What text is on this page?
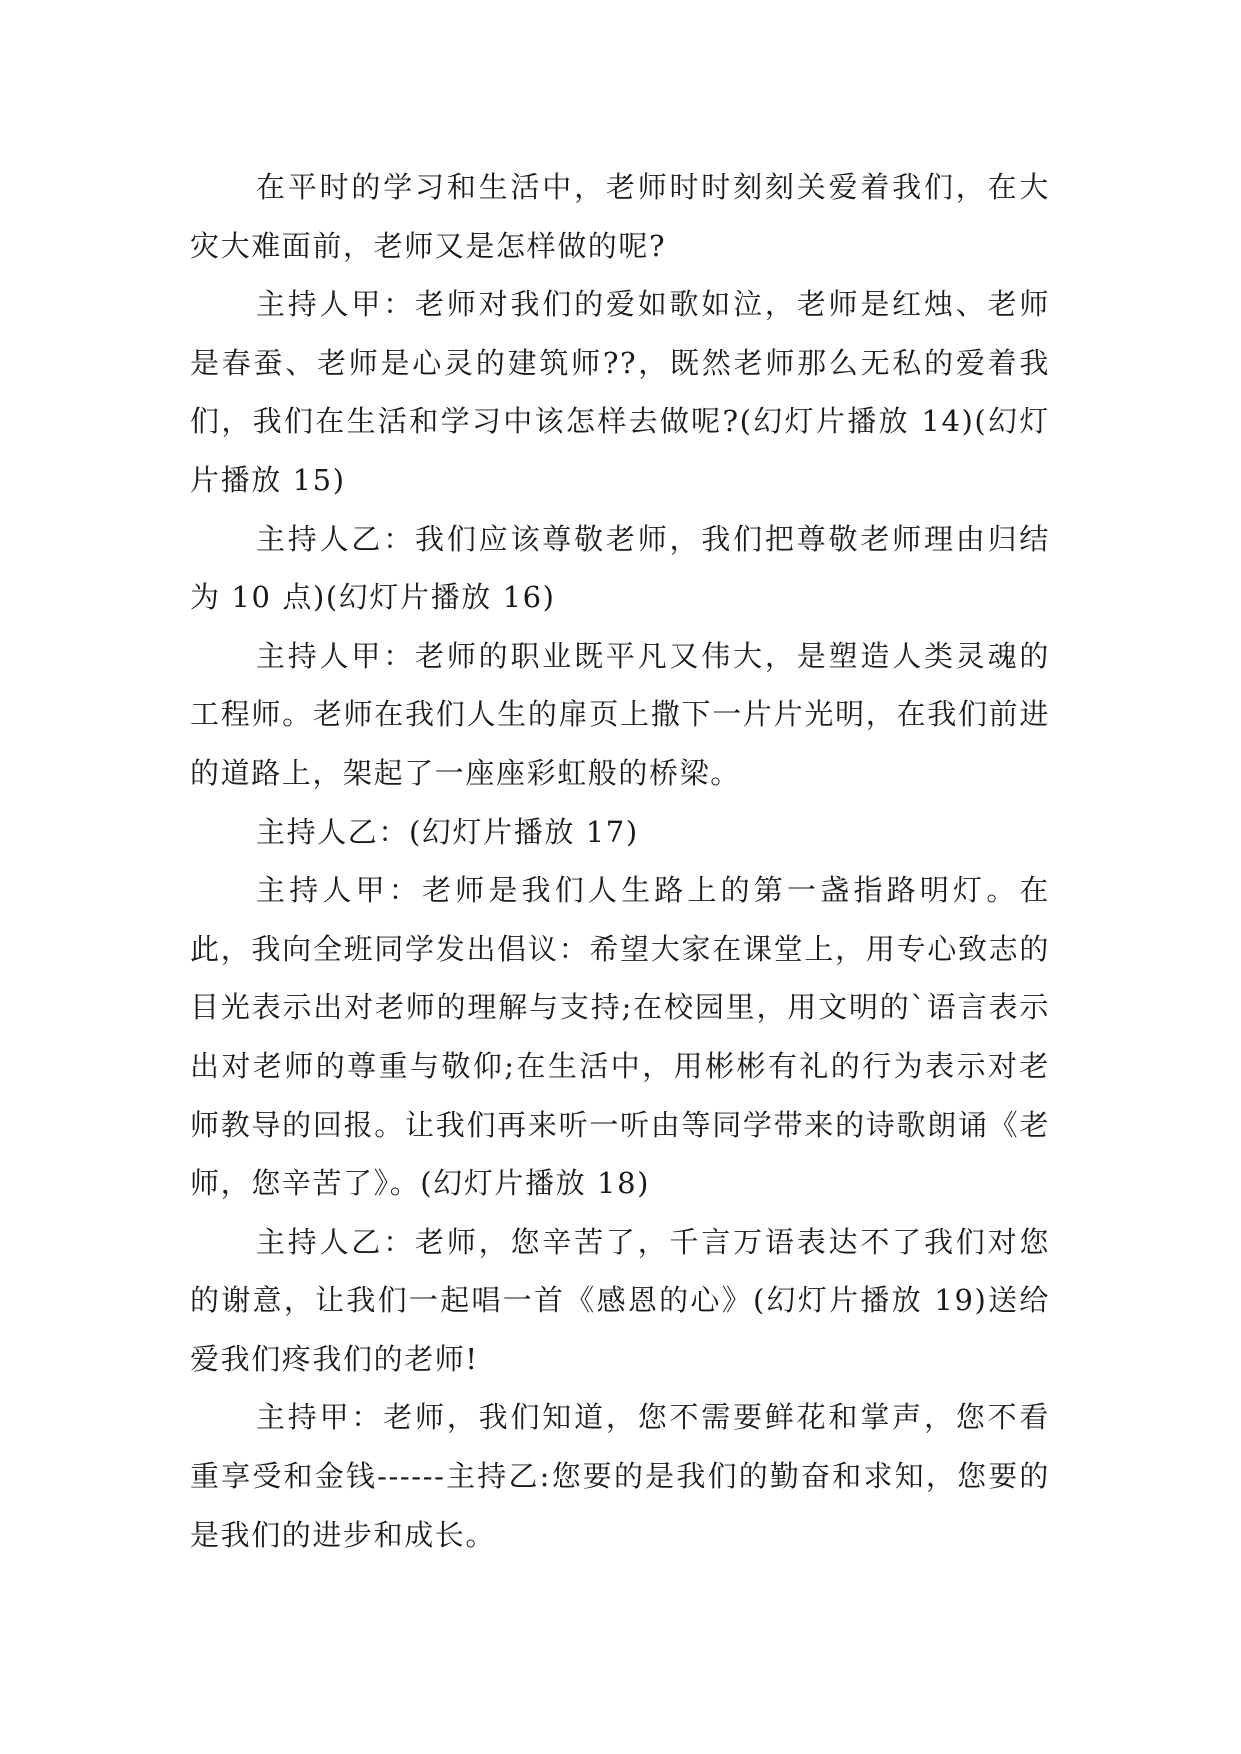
在平时的学习和生活中，老师时时刻刻关爱着我们，在大灾大难面前，老师又是怎样做的呢?

主持人甲：老师对我们的爱如歌如泣，老师是红烛、老师是春蚕、老师是心灵的建筑师??，既然老师那么无私的爱着我们，我们在生活和学习中该怎样去做呢?(幻灯片播放 14)(幻灯片播放 15)

主持人乙：我们应该尊敬老师，我们把尊敬老师理由归结为 10 点)(幻灯片播放 16)

主持人甲：老师的职业既平凡又伟大，是塑造人类灵魂的工程师。老师在我们人生的扉页上撒下一片片光明，在我们前进的道路上，架起了一座座彩虹般的桥梁。

主持人乙：(幻灯片播放 17)

主持人甲：老师是我们人生路上的第一盏指路明灯。在此，我向全班同学发出倡议：希望大家在课堂上，用专心致志的目光表示出对老师的理解与支持;在校园里，用文明的`语言表示出对老师的尊重与敬仰;在生活中，用彬彬有礼的行为表示对老师教导的回报。让我们再来听一听由等同学带来的诗歌朗诵《老师，您辛苦了》。(幻灯片播放 18)

主持人乙：老师，您辛苦了，千言万语表达不了我们对您的谢意，让我们一起唱一首《感恩的心》(幻灯片播放 19)送给爱我们疼我们的老师!

主持甲：老师，我们知道，您不需要鲜花和掌声，您不看重享受和金钱------主持乙:您要的是我们的勤奋和求知，您要的是我们的进步和成长。
